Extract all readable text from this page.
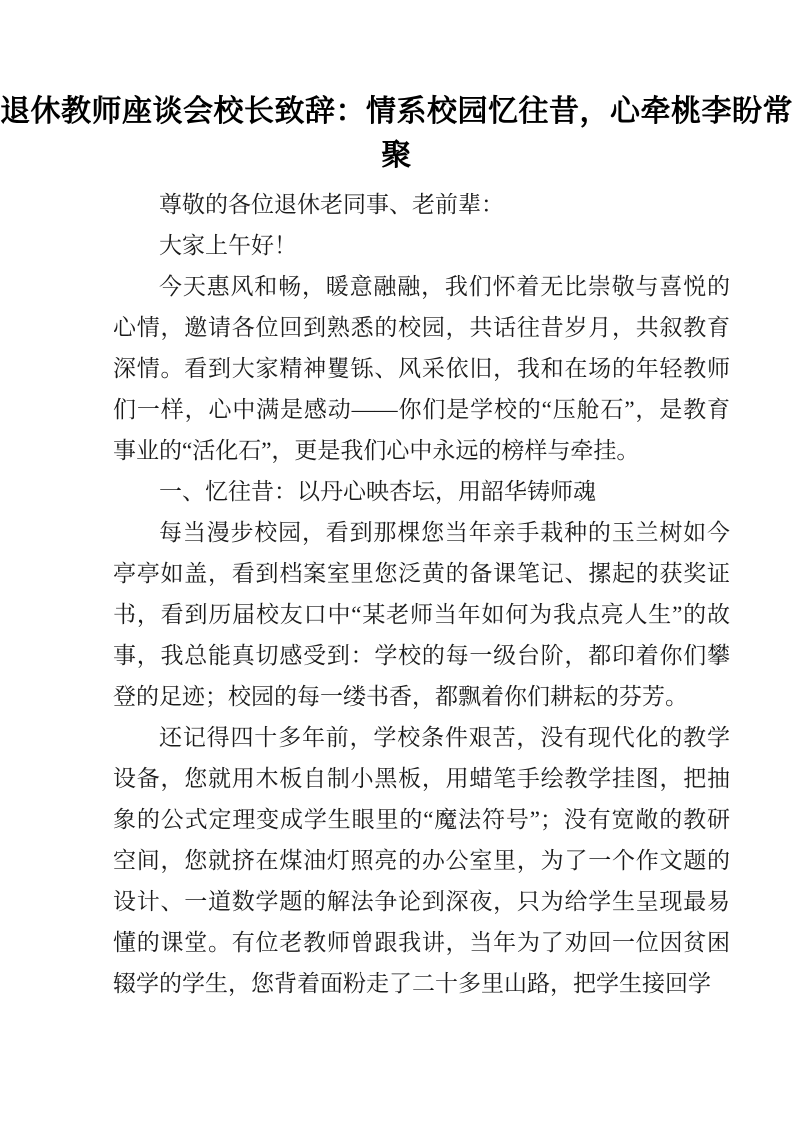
退休教师座谈会校长致辞：情系校园忆往昔，心牵桃李盼常聚

尊敬的各位退休老同事、老前辈：

大家上午好！

今天惠风和畅，暖意融融，我们怀着无比崇敬与喜悦的心情，邀请各位回到熟悉的校园，共话往昔岁月，共叙教育深情。看到大家精神矍铄、风采依旧，我和在场的年轻教师们一样，心中满是感动——你们是学校的“压舱石”，是教育事业的“活化石”，更是我们心中永远的榜样与牵挂。

一、忆往昔：以丹心映杏坛，用韶华铸师魂

每当漫步校园，看到那棵您当年亲手栽种的玉兰树如今亭亭如盖，看到档案室里您泛黄的备课笔记、摞起的获奖证书，看到历届校友口中“某老师当年如何为我点亮人生”的故事，我总能真切感受到：学校的每一级台阶，都印着你们攀登的足迹；校园的每一缕书香，都飘着你们耕耘的芬芳。

还记得四十多年前，学校条件艰苦，没有现代化的教学设备，您就用木板自制小黑板，用蜡笔手绘教学挂图，把抽象的公式定理变成学生眼里的“魔法符号”；没有宽敞的教研空间，您就挤在煤油灯照亮的办公室里，为了一个作文题的设计、一道数学题的解法争论到深夜，只为给学生呈现最易懂的课堂。有位老教师曾跟我讲，当年为了劝回一位因贫困辍学的学生，您背着面粉走了二十多里山路，把学生接回学
